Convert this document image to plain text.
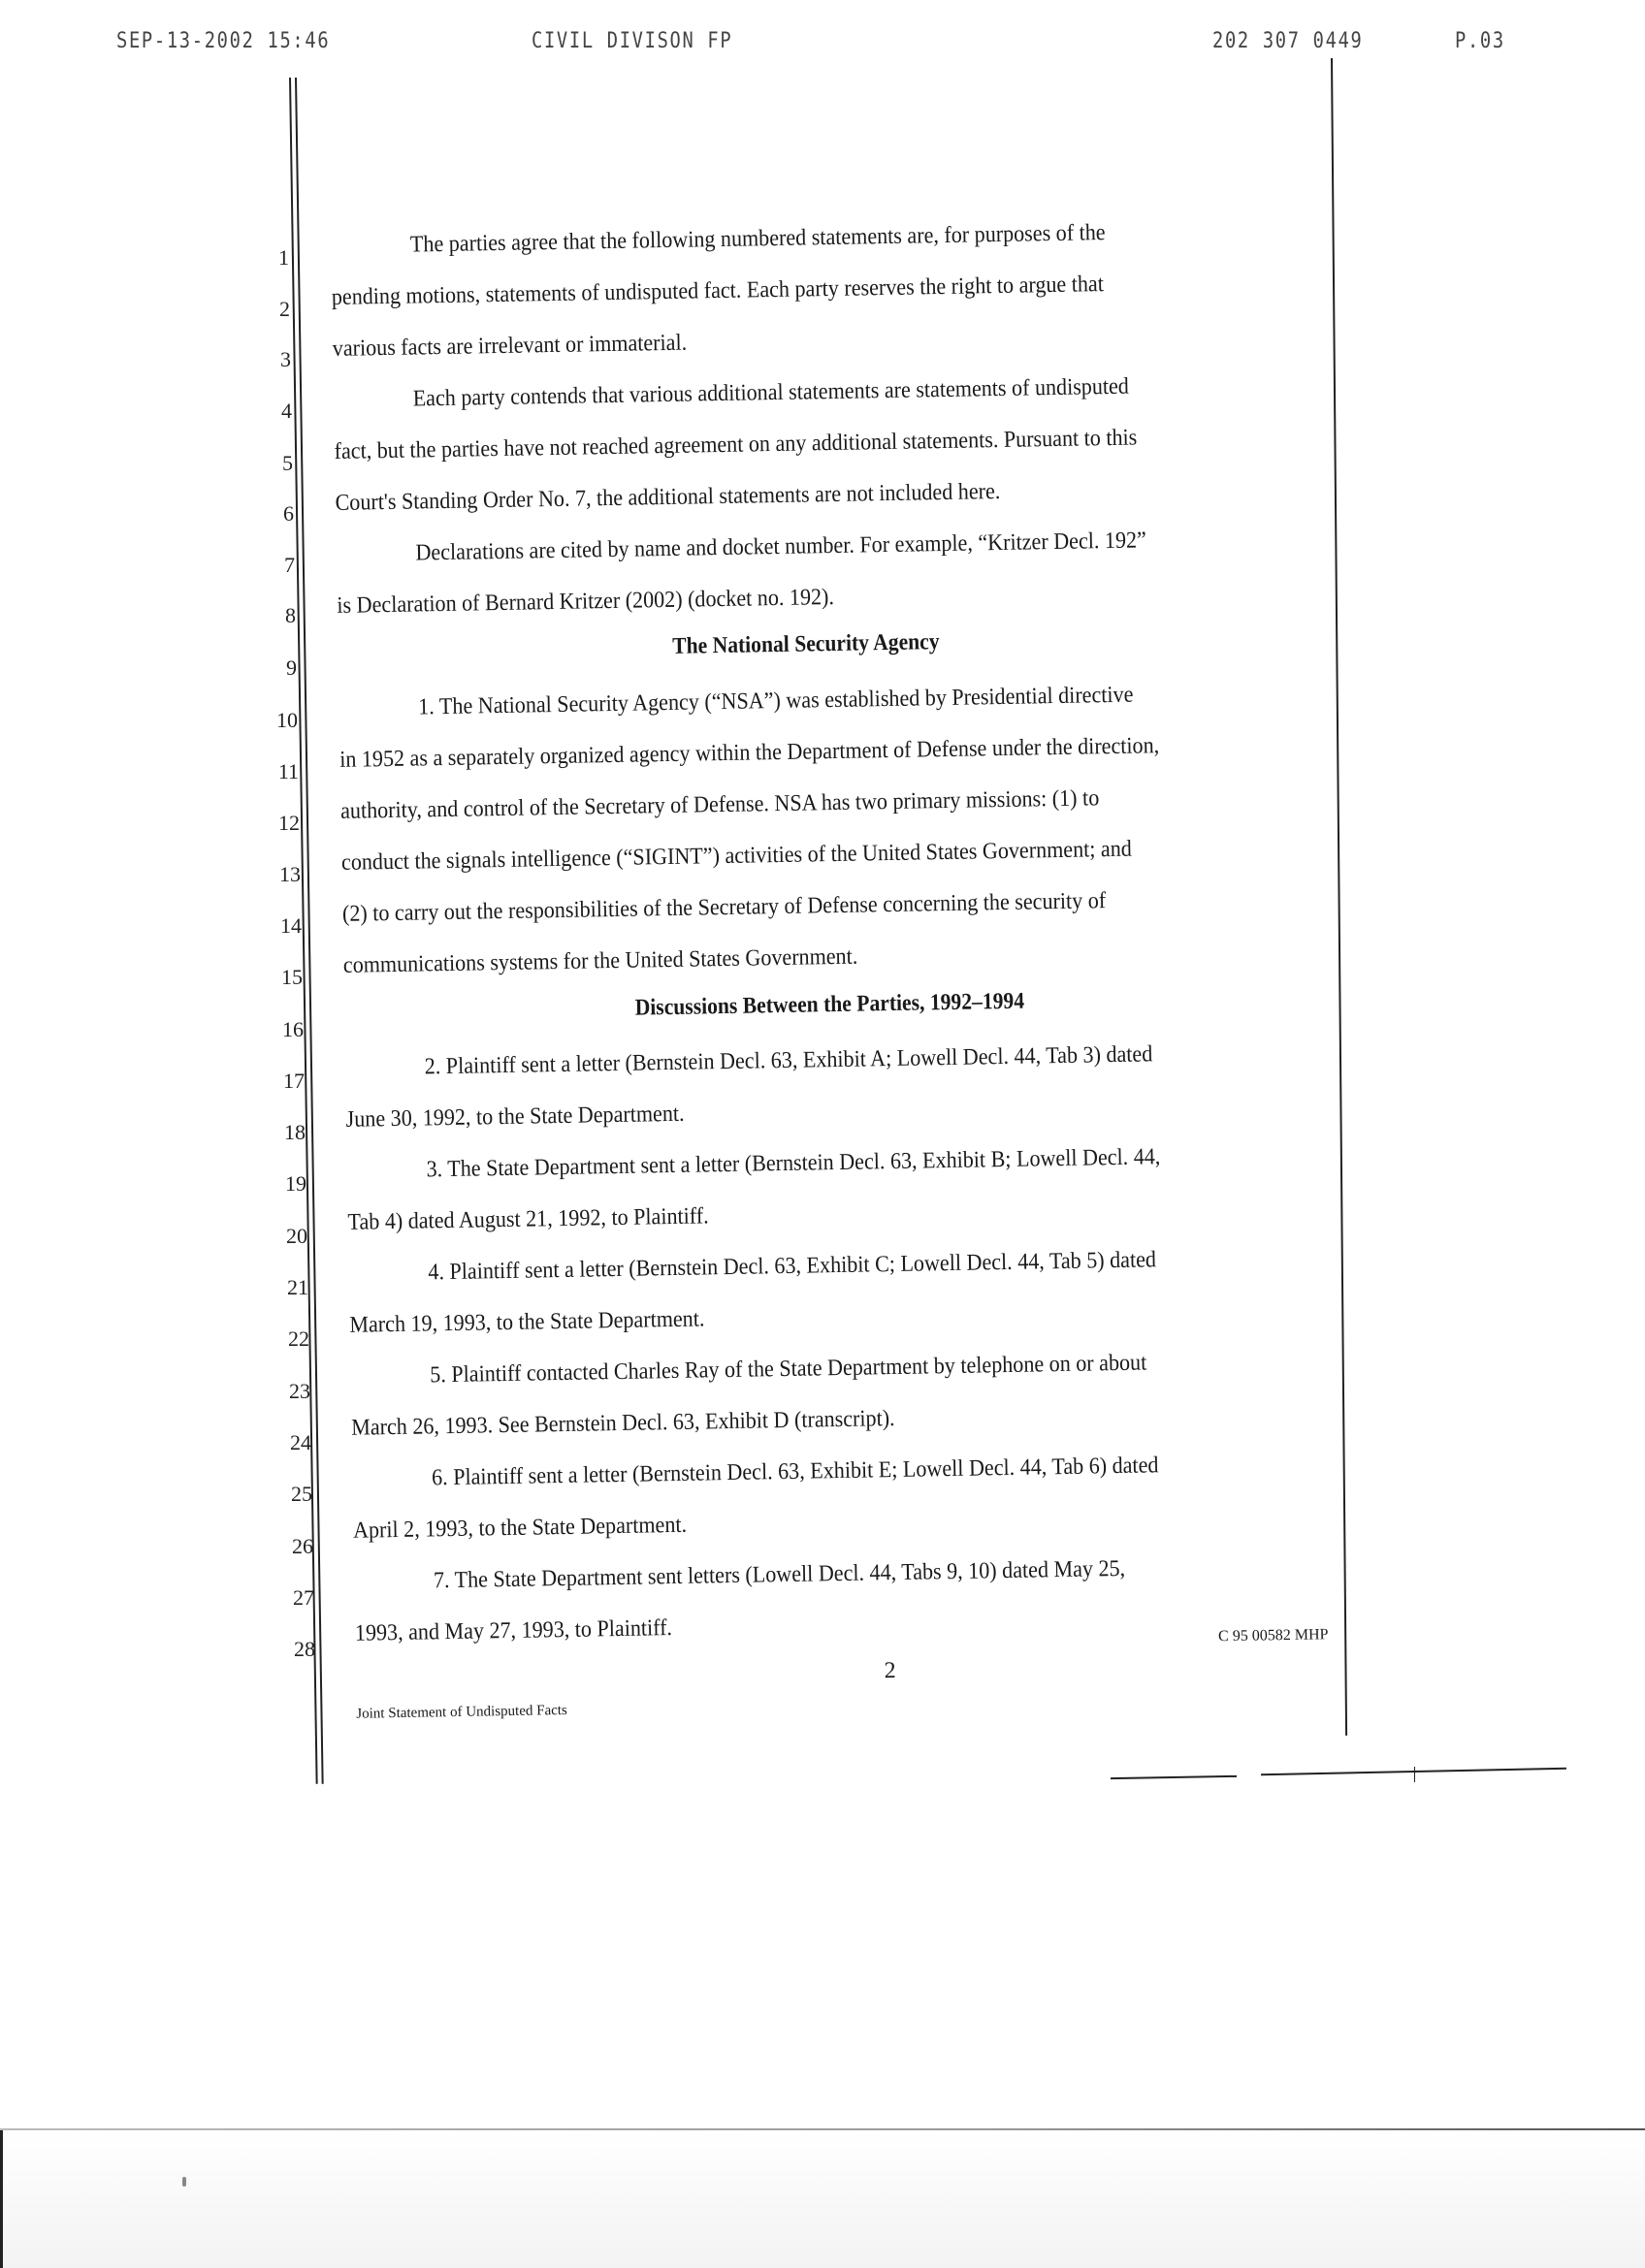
SEP-13-2002 15:46	CIVIL DIVISON FP	202 307 0449	P.03
1
2
3
4
5
6
7
8
9
10
11
12
13
14
15
16
17
18
19
20
21
22
23
24
25
26
27
28
The parties agree that the following numbered statements are, for purposes of the
pending motions, statements of undisputed fact. Each party reserves the right to argue that
various facts are irrelevant or immaterial.
Each party contends that various additional statements are statements of undisputed
fact, but the parties have not reached agreement on any additional statements. Pursuant to this
Court's Standing Order No. 7, the additional statements are not included here.
Declarations are cited by name and docket number. For example, “Kritzer Decl. 192”
is Declaration of Bernard Kritzer (2002) (docket no. 192).
The National Security Agency
1. The National Security Agency (“NSA”) was established by Presidential directive
in 1952 as a separately organized agency within the Department of Defense under the direction,
authority, and control of the Secretary of Defense. NSA has two primary missions: (1) to
conduct the signals intelligence (“SIGINT”) activities of the United States Government; and
(2) to carry out the responsibilities of the Secretary of Defense concerning the security of
communications systems for the United States Government.
Discussions Between the Parties, 1992–1994
2. Plaintiff sent a letter (Bernstein Decl. 63, Exhibit A; Lowell Decl. 44, Tab 3) dated
June 30, 1992, to the State Department.
3. The State Department sent a letter (Bernstein Decl. 63, Exhibit B; Lowell Decl. 44,
Tab 4) dated August 21, 1992, to Plaintiff.
4. Plaintiff sent a letter (Bernstein Decl. 63, Exhibit C; Lowell Decl. 44, Tab 5) dated
March 19, 1993, to the State Department.
5. Plaintiff contacted Charles Ray of the State Department by telephone on or about
March 26, 1993. See Bernstein Decl. 63, Exhibit D (transcript).
6. Plaintiff sent a letter (Bernstein Decl. 63, Exhibit E; Lowell Decl. 44, Tab 6) dated
April 2, 1993, to the State Department.
7. The State Department sent letters (Lowell Decl. 44, Tabs 9, 10) dated May 25,
1993, and May 27, 1993, to Plaintiff.	C 95 00582 MHP
2
Joint Statement of Undisputed Facts
